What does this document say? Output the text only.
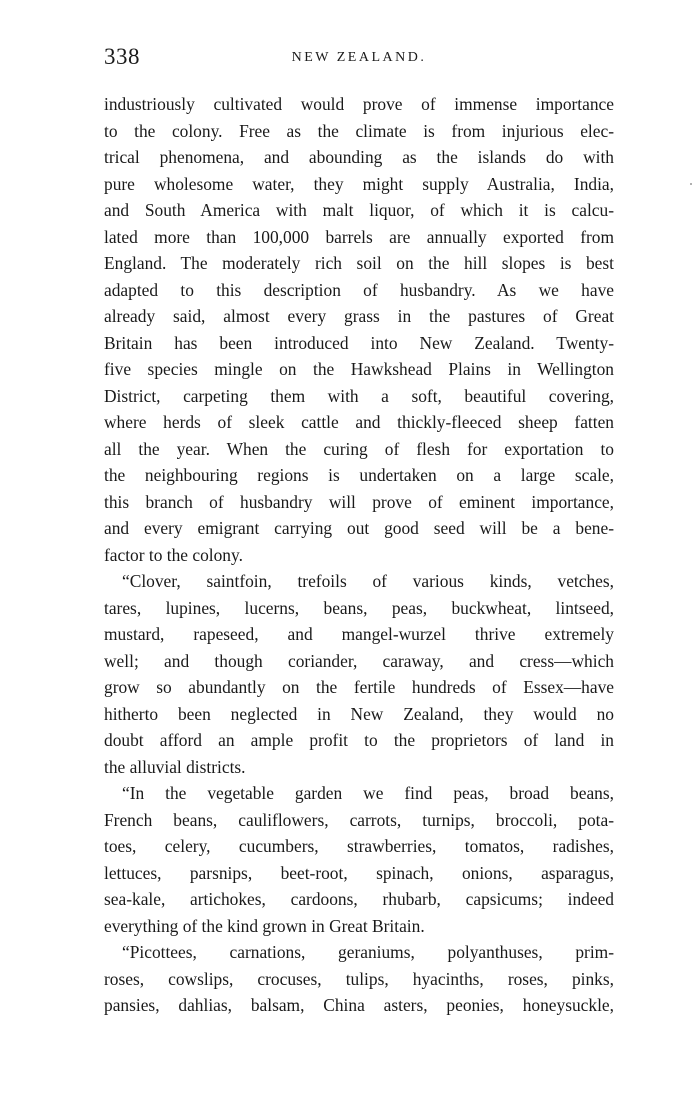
338	NEW ZEALAND.
industriously cultivated would prove of immense importance
to the colony. Free as the climate is from injurious elec-
trical phenomena, and abounding as the islands do with
pure wholesome water, they might supply Australia, India,
and South America with malt liquor, of which it is calcu-
lated more than 100,000 barrels are annually exported from
England. The moderately rich soil on the hill slopes is best
adapted to this description of husbandry. As we have
already said, almost every grass in the pastures of Great
Britain has been introduced into New Zealand. Twenty-
five species mingle on the Hawkshead Plains in Wellington
District, carpeting them with a soft, beautiful covering,
where herds of sleek cattle and thickly-fleeced sheep fatten
all the year. When the curing of flesh for exportation to
the neighbouring regions is undertaken on a large scale,
this branch of husbandry will prove of eminent importance,
and every emigrant carrying out good seed will be a bene-
factor to the colony.
“Clover, saintfoin, trefoils of various kinds, vetches,
tares, lupines, lucerns, beans, peas, buckwheat, lintseed,
mustard, rapeseed, and mangel-wurzel thrive extremely
well; and though coriander, caraway, and cress—which
grow so abundantly on the fertile hundreds of Essex—have
hitherto been neglected in New Zealand, they would no
doubt afford an ample profit to the proprietors of land in
the alluvial districts.
“In the vegetable garden we find peas, broad beans,
French beans, cauliflowers, carrots, turnips, broccoli, pota-
toes, celery, cucumbers, strawberries, tomatos, radishes,
lettuces, parsnips, beet-root, spinach, onions, asparagus,
sea-kale, artichokes, cardoons, rhubarb, capsicums; indeed
everything of the kind grown in Great Britain.
“Picottees, carnations, geraniums, polyanthuses, prim-
roses, cowslips, crocuses, tulips, hyacinths, roses, pinks,
pansies, dahlias, balsam, China asters, peonies, honeysuckle,
